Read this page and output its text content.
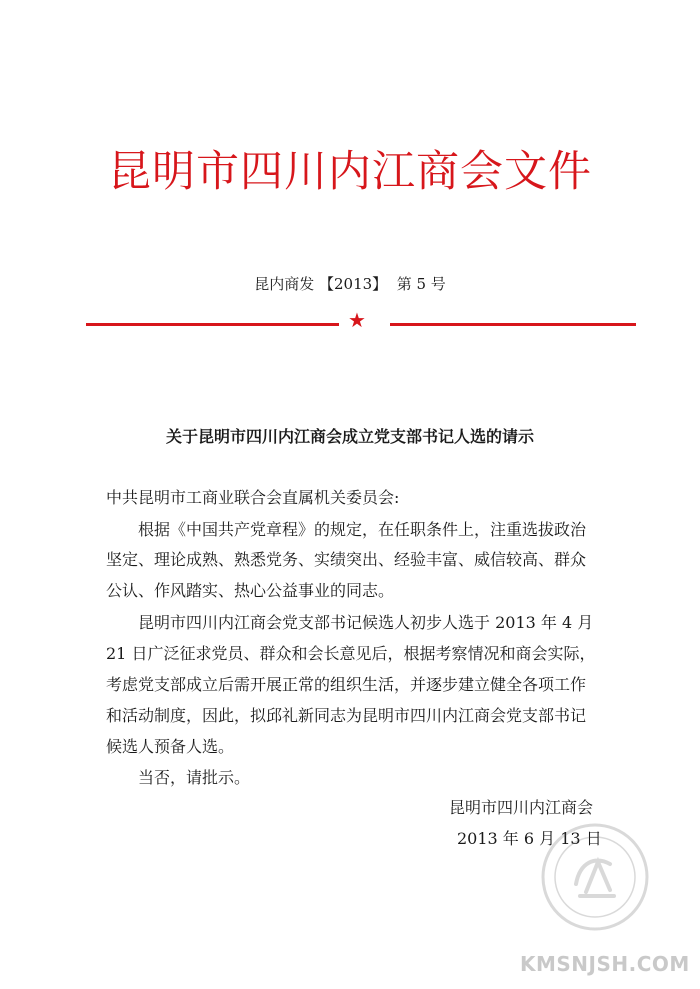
昆明市四川内江商会文件
昆内商发 【2013】  第 5 号
★
关于昆明市四川内江商会成立党支部书记人选的请示
中共昆明市工商业联合会直属机关委员会:
根据《中国共产党章程》的规定，在任职条件上，注重选拔政治
坚定、理论成熟、熟悉党务、实绩突出、经验丰富、威信较高、群众
公认、作风踏实、热心公益事业的同志。
昆明市四川内江商会党支部书记候选人初步人选于 2013 年 4 月
21 日广泛征求党员、群众和会长意见后，根据考察情况和商会实际，
考虑党支部成立后需开展正常的组织生活，并逐步建立健全各项工作
和活动制度，因此，拟邱礼新同志为昆明市四川内江商会党支部书记
候选人预备人选。
当否，请批示。
昆明市四川内江商会
2013 年 6 月 13 日
KMSNJSH.COM
